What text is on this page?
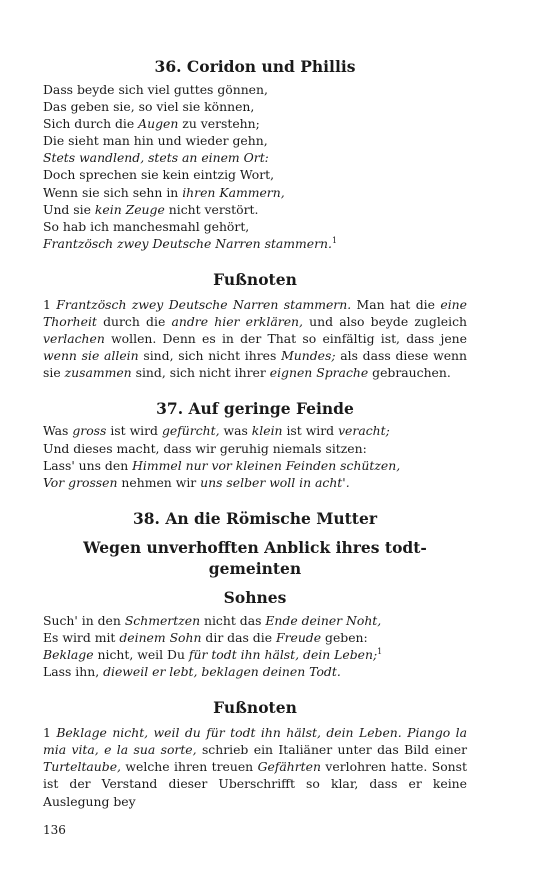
36. Coridon und Phillis
Dass beyde sich viel guttes gönnen,
Das geben sie, so viel sie können,
Sich durch die Augen zu verstehn;
Die sieht man hin und wieder gehn,
Stets wandlend, stets an einem Ort:
Doch sprechen sie kein eintzig Wort,
Wenn sie sich sehn in ihren Kammern,
Und sie kein Zeuge nicht verstört.
So hab ich manchesmahl gehört,
Frantzösch zwey Deutsche Narren stammern.$^1$
Fußnoten

1 Frantzösch zwey Deutsche Narren stammern. Man hat die eine Thorheit durch die andre hier erklären, und also beyde zugleich verlachen wollen. Denn es in der That so einfältig ist, dass jene wenn sie allein sind, sich nicht ihres Mundes; als dass diese wenn sie zusammen sind, sich nicht ihrer eignen Sprache gebrauchen.

37. Auf geringe Feinde
Was gross ist wird gefürcht, was klein ist wird veracht;
Und dieses macht, dass wir geruhig niemals sitzen:
Lass' uns den Himmel nur vor kleinen Feinden schützen,
Vor grossen nehmen wir uns selber woll in acht'.
38. An die Römische Mutter
Wegen unverhofften Anblick ihres todt-gemeinten
Sohnes
Such' in den Schmertzen nicht das Ende deiner Noht,
Es wird mit deinem Sohn dir das die Freude geben:
Beklage nicht, weil Du für todt ihn hälst, dein Leben;$^1$
Lass ihn, dieweil er lebt, beklagen deinen Todt.
Fußnoten

1 Beklage nicht, weil du für todt ihn hälst, dein Leben. Piango la mia vita, e la sua sorte, schrieb ein Italiäner unter das Bild einer Turteltaube, welche ihren treuen Gefährten verlohren hatte. Sonst ist der Verstand dieser Uberschrifft so klar, dass er keine Auslegung bey

136
